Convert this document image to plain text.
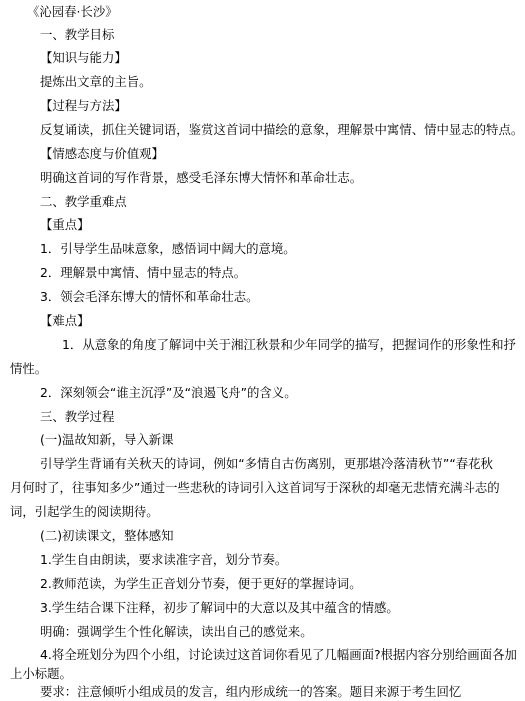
《沁园春·长沙》
一、教学目标
【知识与能力】
提炼出文章的主旨。
【过程与方法】
反复诵读，抓住关键词语，鉴赏这首词中描绘的意象，理解景中寓情、情中显志的特点。
【情感态度与价值观】
明确这首词的写作背景，感受毛泽东博大情怀和革命壮志。
二、教学重难点
【重点】
1．引导学生品味意象，感悟词中阔大的意境。
2．理解景中寓情、情中显志的特点。
3．领会毛泽东博大的情怀和革命壮志。
【难点】
1．从意象的角度了解词中关于湘江秋景和少年同学的描写，把握词作的形象性和抒
情性。
2．深刻领会“谁主沉浮”及“浪遏飞舟”的含义。
三、教学过程
(一)温故知新，导入新课
引导学生背诵有关秋天的诗词，例如“多情自古伤离别，更那堪冷落清秋节”“春花秋
月何时了，往事知多少”通过一些悲秋的诗词引入这首词写于深秋的却毫无悲情充满斗志的
词，引起学生的阅读期待。
(二)初读课文，整体感知
1.学生自由朗读，要求读准字音，划分节奏。
2.教师范读，为学生正音划分节奏，便于更好的掌握诗词。
3.学生结合课下注释，初步了解词中的大意以及其中蕴含的情感。
明确：强调学生个性化解读，读出自己的感觉来。
4.将全班划分为四个小组，讨论读过这首词你看见了几幅画面?根据内容分别给画面各加
上小标题。
要求：注意倾听小组成员的发言，组内形成统一的答案。题目来源于考生回忆
